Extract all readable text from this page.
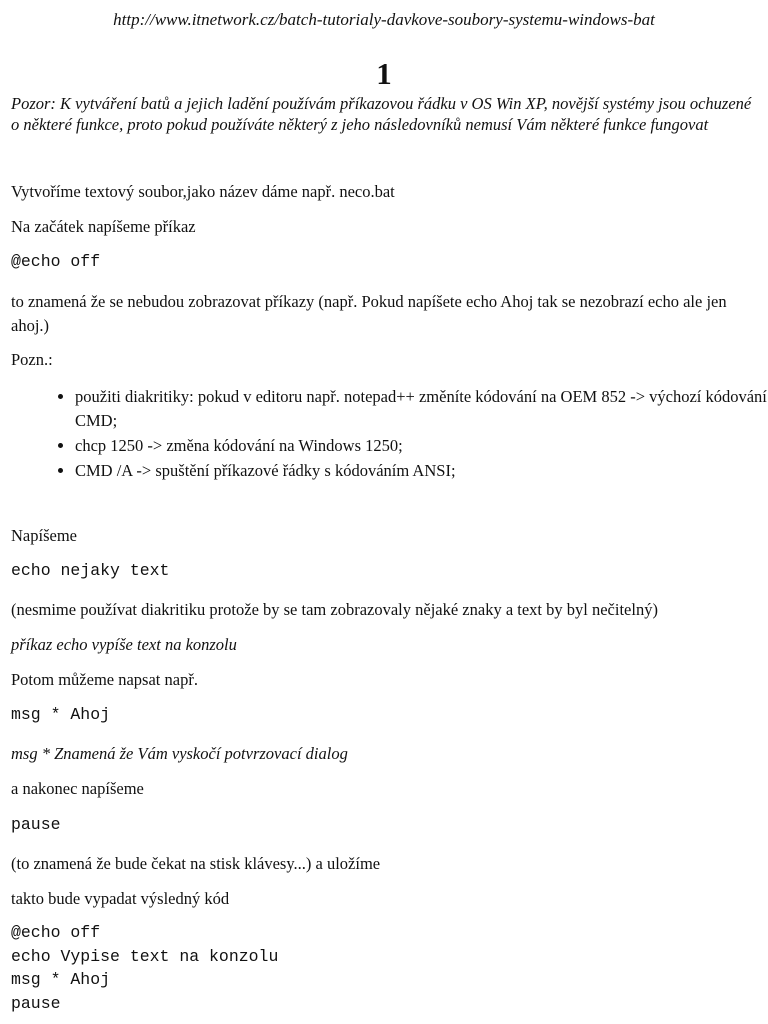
http://www.itnetwork.cz/batch-tutorialy-davkove-soubory-systemu-windows-bat
1
Pozor: K vytváření batů a jejich ladění používám příkazovou řádku v OS Win XP, novější systémy jsou ochuzené o některé funkce, proto pokud používáte některý z jeho následovníků nemusí Vám některé funkce fungovat
Vytvoříme textový soubor,jako název dáme např. neco.bat
Na začátek napíšeme příkaz
@echo off
to znamená že se nebudou zobrazovat příkazy (např. Pokud napíšete echo Ahoj tak se nezobrazí echo ale jen ahoj.)
Pozn.:
• použiti diakritiky: pokud v editoru např. notepad++ změníte kódování na OEM 852 -> výchozí kódování CMD;
• chcp 1250 -> změna kódování na Windows 1250;
• CMD /A -> spuštění příkazové řádky s kódováním ANSI;
Napíšeme
echo nejaky text
(nesmime používat diakritiku protože by se tam zobrazovaly nějaké znaky a text by byl nečitelný)
příkaz echo vypíše text na konzolu
Potom můžeme napsat např.
msg * Ahoj
msg * Znamená že Vám vyskočí potvrzovací dialog
a nakonec napíšeme
pause
(to znamená že bude čekat na stisk klávesy...) a uložíme
takto bude vypadat výsledný kód
@echo off
echo Vypise text na konzolu
msg * Ahoj
pause
